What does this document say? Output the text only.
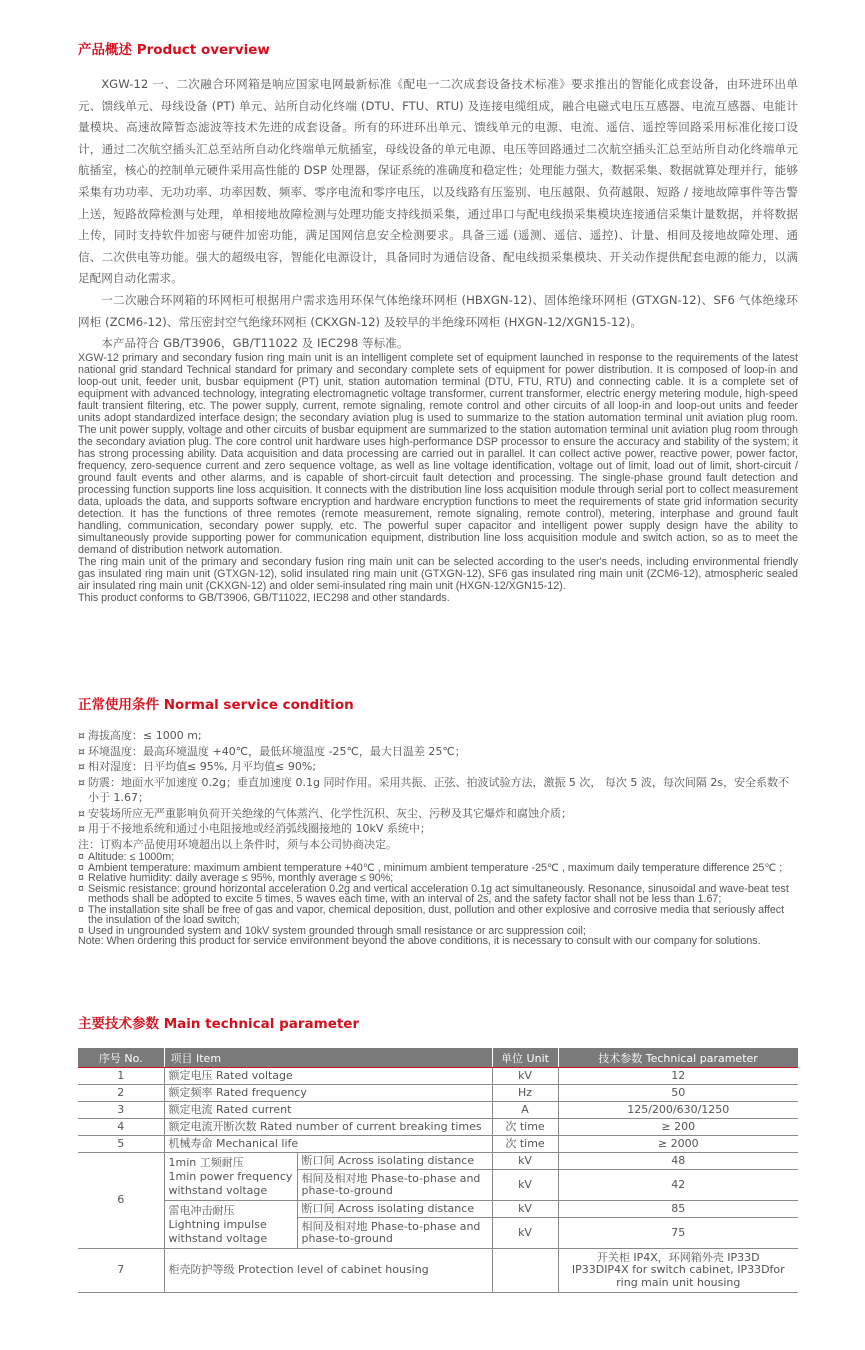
产品概述 Product overview

XGW-12 一、二次融合环网箱是响应国家电网最新标准《配电一二次成套设备技术标准》要求推出的智能化成套设备，由环进环出单元、馈线单元、母线设备 (PT) 单元、站所自动化终端 (DTU、FTU、RTU) 及连接电缆组成，融合电磁式电压互感器、电流互感器、电能计量模块、高速故障暂态滤波等技术先进的成套设备。所有的环进环出单元、馈线单元的电源、电流、遥信、遥控等回路采用标准化接口设计，通过二次航空插头汇总至站所自动化终端单元航插室，母线设备的单元电源、电压等回路通过二次航空插头汇总至站所自动化终端单元航插室，核心的控制单元硬件采用高性能的 DSP 处理器，保证系统的准确度和稳定性；处理能力强大，数据采集、数据就算处理并行，能够采集有功功率、无功功率、功率因数、频率、零序电流和零序电压，以及线路有压鉴别、电压越限、负荷越限、短路 / 接地故障事件等告警上送，短路故障检测与处理，单相接地故障检测与处理功能支持线损采集，通过串口与配电线损采集模块连接通信采集计量数据，并将数据上传，同时支持软件加密与硬件加密功能，满足国网信息安全检测要求。具备三遥 (遥测、遥信、遥控)、计量、相间及接地故障处理、通信、二次供电等功能。强大的超级电容，智能化电源设计，具备同时为通信设备、配电线损采集模块、开关动作提供配套电源的能力，以满足配网自动化需求。

一二次融合环网箱的环网柜可根据用户需求选用环保气体绝缘环网柜 (HBXGN-12)、固体绝缘环网柜 (GTXGN-12)、SF6 气体绝缘环网柜 (ZCM6-12)、常压密封空气绝缘环网柜 (CKXGN-12) 及较早的半绝缘环网柜 (HXGN-12/XGN15-12)。

本产品符合 GB/T3906，GB/T11022 及 IEC298 等标准。

XGW-12 primary and secondary fusion ring main unit is an intelligent complete set of equipment launched in response to the requirements of the latest national grid standard Technical standard for primary and secondary complete sets of equipment for power distribution. It is composed of loop-in and loop-out unit, feeder unit, busbar equipment (PT) unit, station automation terminal (DTU, FTU, RTU) and connecting cable. It is a complete set of equipment with advanced technology, integrating electromagnetic voltage transformer, current transformer, electric energy metering module, high-speed fault transient filtering, etc. The power supply, current, remote signaling, remote control and other circuits of all loop-in and loop-out units and feeder units adopt standardized interface design; the secondary aviation plug is used to summarize to the station automation terminal unit aviation plug room. The unit power supply, voltage and other circuits of busbar equipment are summarized to the station automation terminal unit aviation plug room through the secondary aviation plug. The core control unit hardware uses high-performance DSP processor to ensure the accuracy and stability of the system; it has strong processing ability. Data acquisition and data processing are carried out in parallel. It can collect active power, reactive power, power factor, frequency, zero-sequence current and zero sequence voltage, as well as line voltage identification, voltage out of limit, load out of limit, short-circuit / ground fault events and other alarms, and is capable of short-circuit fault detection and processing. The single-phase ground fault detection and processing function supports line loss acquisition. It connects with the distribution line loss acquisition module through serial port to collect measurement data, uploads the data, and supports software encryption and hardware encryption functions to meet the requirements of state grid information security detection. It has the functions of three remotes (remote measurement, remote signaling, remote control), metering, interphase and ground fault handling, communication, secondary power supply, etc. The powerful super capacitor and intelligent power supply design have the ability to simultaneously provide supporting power for communication equipment, distribution line loss acquisition module and switch action, so as to meet the demand of distribution network automation.

The ring main unit of the primary and secondary fusion ring main unit can be selected according to the user's needs, including environmental friendly gas insulated ring main unit (GTXGN-12), solid insulated ring main unit (GTXGN-12), SF6 gas insulated ring main unit (ZCM6-12), atmospheric sealed air insulated ring main unit (CKXGN-12) and older semi-insulated ring main unit (HXGN-12/XGN15-12).

This product conforms to GB/T3906, GB/T11022, IEC298 and other standards.

正常使用条件 Normal service condition
¤ 海拔高度：≤ 1000 m;
¤ 环境温度：最高环境温度 +40℃，最低环境温度 -25℃，最大日温差 25℃；
¤ 相对湿度：日平均值≤ 95%, 月平均值≤ 90%;
¤ 防震：地面水平加速度 0.2g；垂直加速度 0.1g 同时作用。采用共振、正弦、拍波试验方法，激振 5 次， 每次 5 波，每次间隔 2s，安全系数不小于 1.67；
¤ 安装场所应无严重影响负荷开关绝缘的气体蒸汽、化学性沉积、灰尘、污秽及其它爆炸和腐蚀介质；
¤ 用于不接地系统和通过小电阻接地或经消弧线圈接地的 10kV 系统中；
注：订购本产品使用环境超出以上条件时，须与本公司协商决定。
¤ Altitude: ≤ 1000m;
¤ Ambient temperature: maximum ambient temperature +40℃ , minimum ambient temperature -25℃ , maximum daily temperature difference 25℃ ;
¤ Relative humidity: daily average ≤ 95%, monthly average ≤ 90%;
¤ Seismic resistance: ground horizontal acceleration 0.2g and vertical acceleration 0.1g act simultaneously. Resonance, sinusoidal and wave-beat test methods shall be adopted to excite 5 times, 5 waves each time, with an interval of 2s, and the safety factor shall not be less than 1.67;
¤ The installation site shall be free of gas and vapor, chemical deposition, dust, pollution and other explosive and corrosive media that seriously affect the insulation of the load switch;
¤ Used in ungrounded system and 10kV system grounded through small resistance or arc suppression coil;
Note: When ordering this product for service environment beyond the above conditions, it is necessary to consult with our company for solutions.
主要技术参数 Main technical parameter
序号 No.	项目 Item		单位 Unit	技术参数 Technical parameter

1	额定电压 Rated voltage		kV	12
2	额定频率 Rated frequency		Hz	50
3	额定电流 Rated current		A	125/200/630/1250
4	额定电流开断次数 Rated number of current breaking times		次 time	≥ 200
5	机械寿命 Mechanical life		次 time	≥ 2000
6	1min 工频耐压
1min power frequency
withstand voltage	断口间 Across isolating distance	kV	48
		相间及相对地 Phase-to-phase and phase-to-ground	kV	42
	雷电冲击耐压
Lightning impulse
withstand voltage	断口间 Across isolating distance	kV	85
		相间及相对地 Phase-to-phase and phase-to-ground	kV	75
7	柜壳防护等级 Protection level of cabinet housing			开关柜 IP4X，环网箱外壳 IP33D
IP33DIP4X for switch cabinet, IP33Dfor ring main unit housing
